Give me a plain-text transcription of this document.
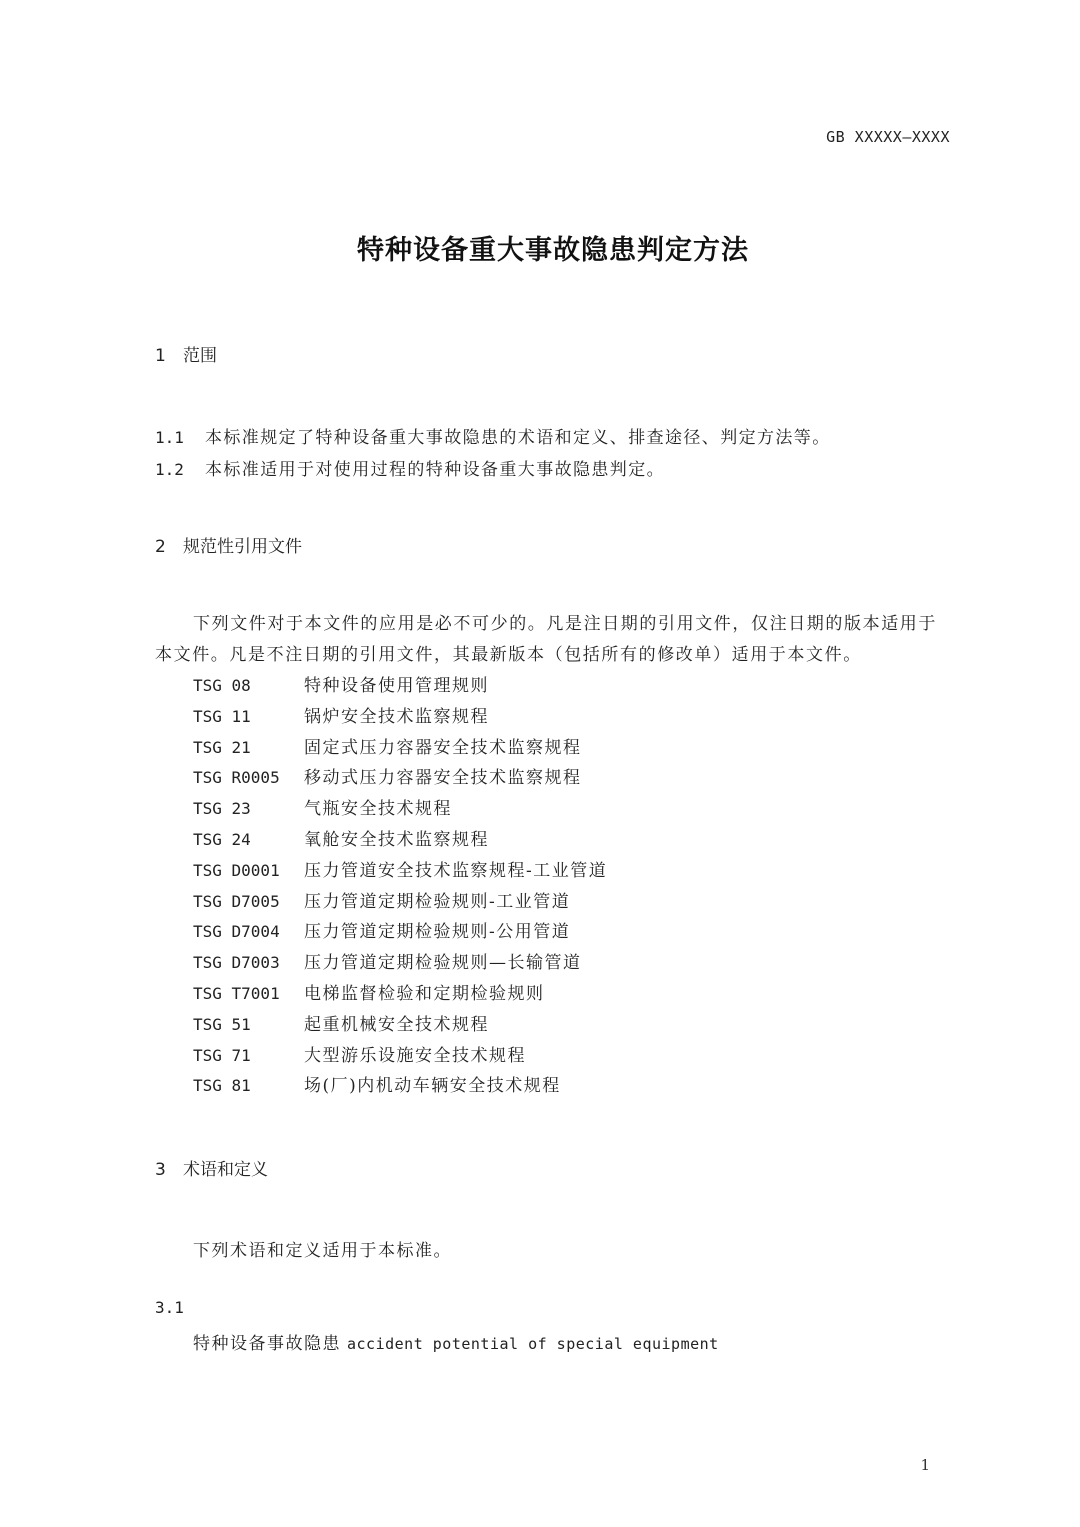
GB XXXXX—XXXX
特种设备重大事故隐患判定方法
1 范围
1.1 本标准规定了特种设备重大事故隐患的术语和定义、排查途径、判定方法等。
1.2 本标准适用于对使用过程的特种设备重大事故隐患判定。
2 规范性引用文件

下列文件对于本文件的应用是必不可少的。凡是注日期的引用文件，仅注日期的版本适用于本文件。凡是不注日期的引用文件，其最新版本（包括所有的修改单）适用于本文件。

TSG 08	特种设备使用管理规则
TSG 11	锅炉安全技术监察规程
TSG 21	固定式压力容器安全技术监察规程
TSG R0005 移动式压力容器安全技术监察规程
TSG 23	气瓶安全技术规程
TSG 24	氧舱安全技术监察规程
TSG D0001 压力管道安全技术监察规程-工业管道
TSG D7005 压力管道定期检验规则-工业管道
TSG D7004 压力管道定期检验规则-公用管道
TSG D7003 压力管道定期检验规则—长输管道
TSG T7001 电梯监督检验和定期检验规则
TSG 51	起重机械安全技术规程
TSG 71	大型游乐设施安全技术规程
TSG 81	场(厂)内机动车辆安全技术规程
3 术语和定义
下列术语和定义适用于本标准。
3.1
特种设备事故隐患 accident potential of special equipment
1
